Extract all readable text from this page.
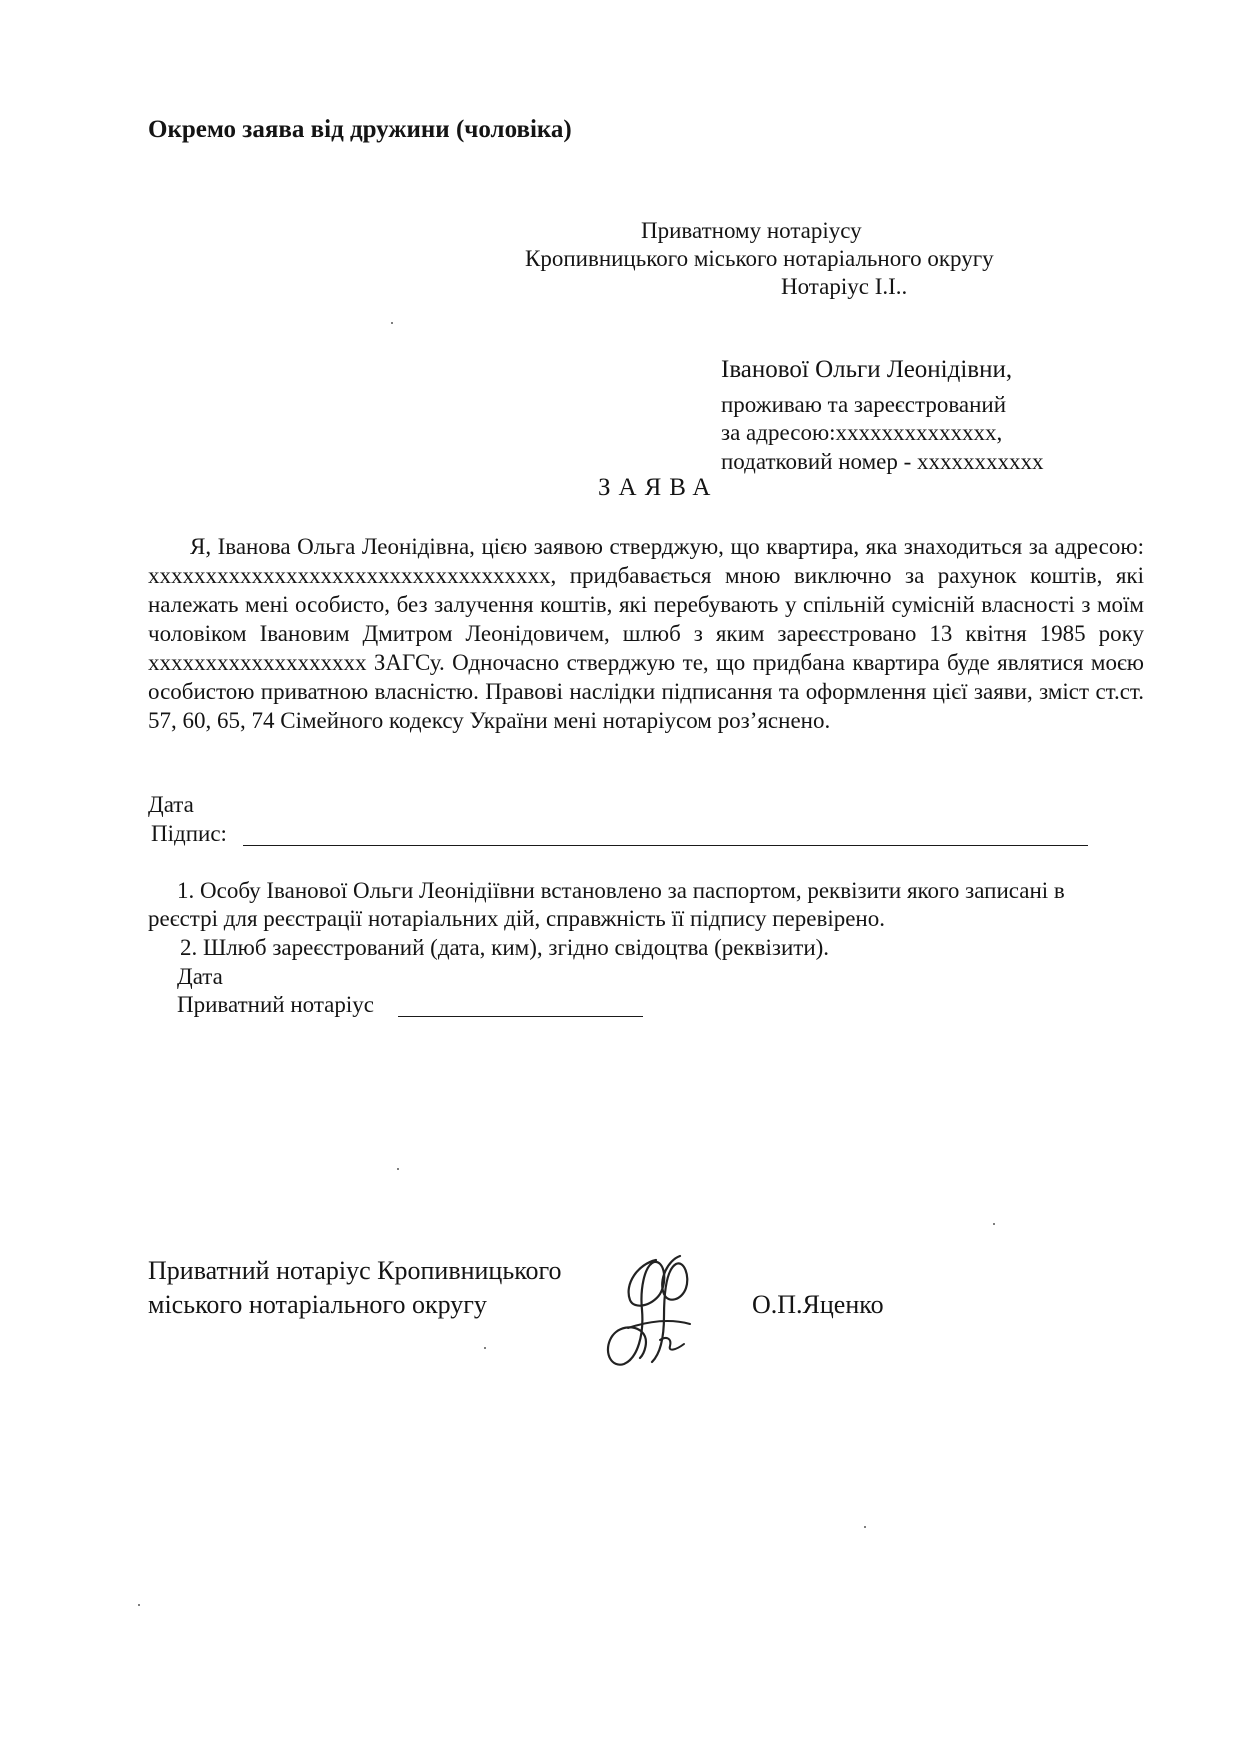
Окремо заява від дружини (чоловіка)
Приватному нотаріусу
Кропивницького міського нотаріального округу
Нотаріус І.І..
Іванової Ольги Леонідівни,
проживаю та зареєстрований
за адресою:xxxxxxxxxxxxxx,
податковий номер - xxxxxxxxxxx
ЗАЯВА
Я, Іванова Ольга Леонідівна, цією заявою стверджую, що квартира, яка знаходиться за адресою: xxxxxxxxxxxxxxxxxxxxxxxxxxxxxxxxxxx, придбавається мною виключно за рахунок коштів, які належать мені особисто, без залучення коштів, які перебувають у спільній сумісній власності з моїм чоловіком Івановим Дмитром Леонідовичем, шлюб з яким зареєстровано 13 квітня 1985 року xxxxxxxxxxxxxxxxxxx ЗАГСу. Одночасно стверджую те, що придбана квартира буде являтися моєю особистою приватною власністю. Правові наслідки підписання та оформлення цієї заяви, зміст ст.ст. 57, 60, 65, 74 Сімейного кодексу України мені нотаріусом роз’яснено.
Дата
Підпис:
1. Особу Іванової Ольги Леонідіївни встановлено за паспортом, реквізити якого записані в
реєстрі для реєстрації нотаріальних дій, справжність її підпису перевірено.
2. Шлюб зареєстрований (дата, ким), згідно свідоцтва (реквізити).
Дата
Приватний нотаріус
Приватний нотаріус Кропивницького
міського нотаріального округу	О.П.Яценко
